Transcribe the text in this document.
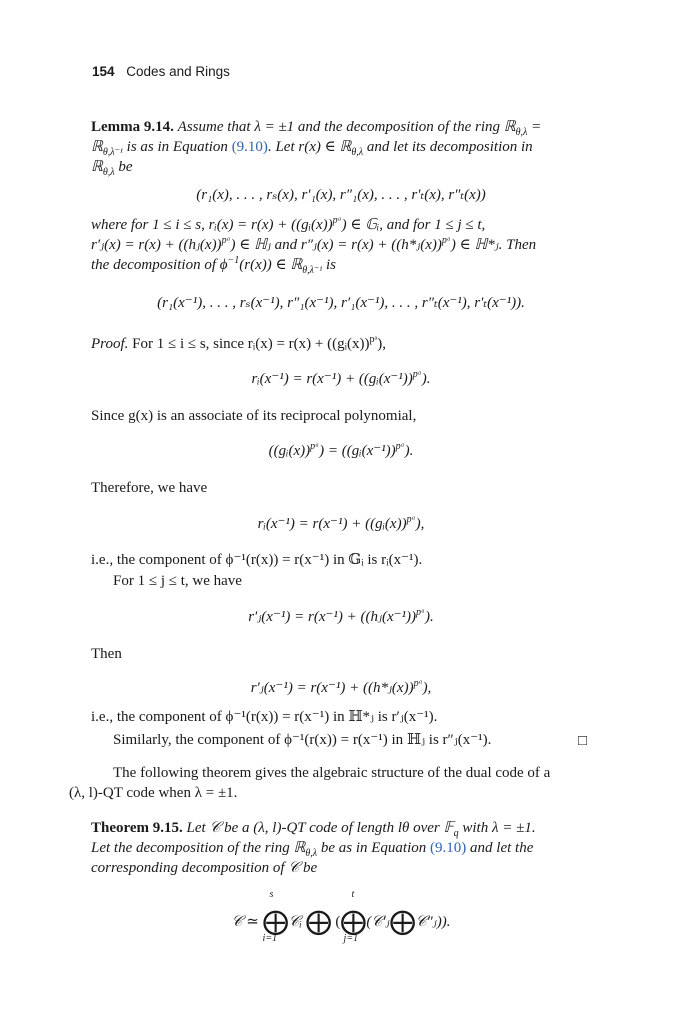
154 Codes and Rings
Lemma 9.14. Assume that λ = ±1 and the decomposition of the ring ℝ$_{\theta,\lambda}$ =
ℝ$_{\theta,\lambda^{-1}}$ is as in Equation (9.10). Let r(x) ∈ ℝ$_{\theta,\lambda}$ and let its decomposition in
ℝ$_{\theta,\lambda}$ be
(r₁(x), . . . , rₛ(x), r′₁(x), r″₁(x), . . . , r′ₜ(x), r″ₜ(x))
where for 1 ≤ i ≤ s, rᵢ(x) = r(x) + ((gᵢ(x))$^{pᵃ}$) ∈ 𝔾ᵢ, and for 1 ≤ j ≤ t,
r′ⱼ(x) = r(x) + ((hⱼ(x))$^{pᵃ}$) ∈ ℍⱼ and r″ⱼ(x) = r(x) + ((h*ⱼ(x))$^{pᵃ}$) ∈ ℍ*ⱼ. Then
the decomposition of $\phi^{-1}(r(x))$ ∈ ℝ$_{\theta,\lambda^{-1}}$ is
(r₁(x⁻¹), . . . , rₛ(x⁻¹), r″₁(x⁻¹), r′₁(x⁻¹), . . . , r″ₜ(x⁻¹), r′ₜ(x⁻¹)).
Proof. For 1 ≤ i ≤ s, since rᵢ(x) = r(x) + ((gᵢ(x))$^{pᵃ}$),
rᵢ(x⁻¹) = r(x⁻¹) + ((gᵢ(x⁻¹))$^{pᵃ}$).
Since g(x) is an associate of its reciprocal polynomial,
((gᵢ(x))$^{pᵃ}$) = ((gᵢ(x⁻¹))$^{pᵃ}$).
Therefore, we have
rᵢ(x⁻¹) = r(x⁻¹) + ((gᵢ(x))$^{pᵃ}$),
i.e., the component of ϕ⁻¹(r(x)) = r(x⁻¹) in 𝔾ᵢ is rᵢ(x⁻¹).
For 1 ≤ j ≤ t, we have
r′ⱼ(x⁻¹) = r(x⁻¹) + ((hⱼ(x⁻¹))$^{pᵃ}$).
Then
r′ⱼ(x⁻¹) = r(x⁻¹) + ((h*ⱼ(x))$^{pᵃ}$),
i.e., the component of ϕ⁻¹(r(x)) = r(x⁻¹) in ℍ*ⱼ is r′ⱼ(x⁻¹).
Similarly, the component of ϕ⁻¹(r(x)) = r(x⁻¹) in ℍⱼ is r″ⱼ(x⁻¹).	□
The following theorem gives the algebraic structure of the dual code of a
(λ, l)-QT code when λ = ±1.
Theorem 9.15. Let 𝒞 be a (λ, l)-QT code of length lθ over 𝔽$_q$ with λ = ±1.
Let the decomposition of the ring ℝ$_{\theta,\lambda}$ be as in Equation (9.10) and let the
corresponding decomposition of 𝒞 be
𝒞 ≃ ⨁𝒞ᵢ ⨁ (⨁(𝒞′ⱼ⨁𝒞″ⱼ)).
s
i=1
t
j=1
